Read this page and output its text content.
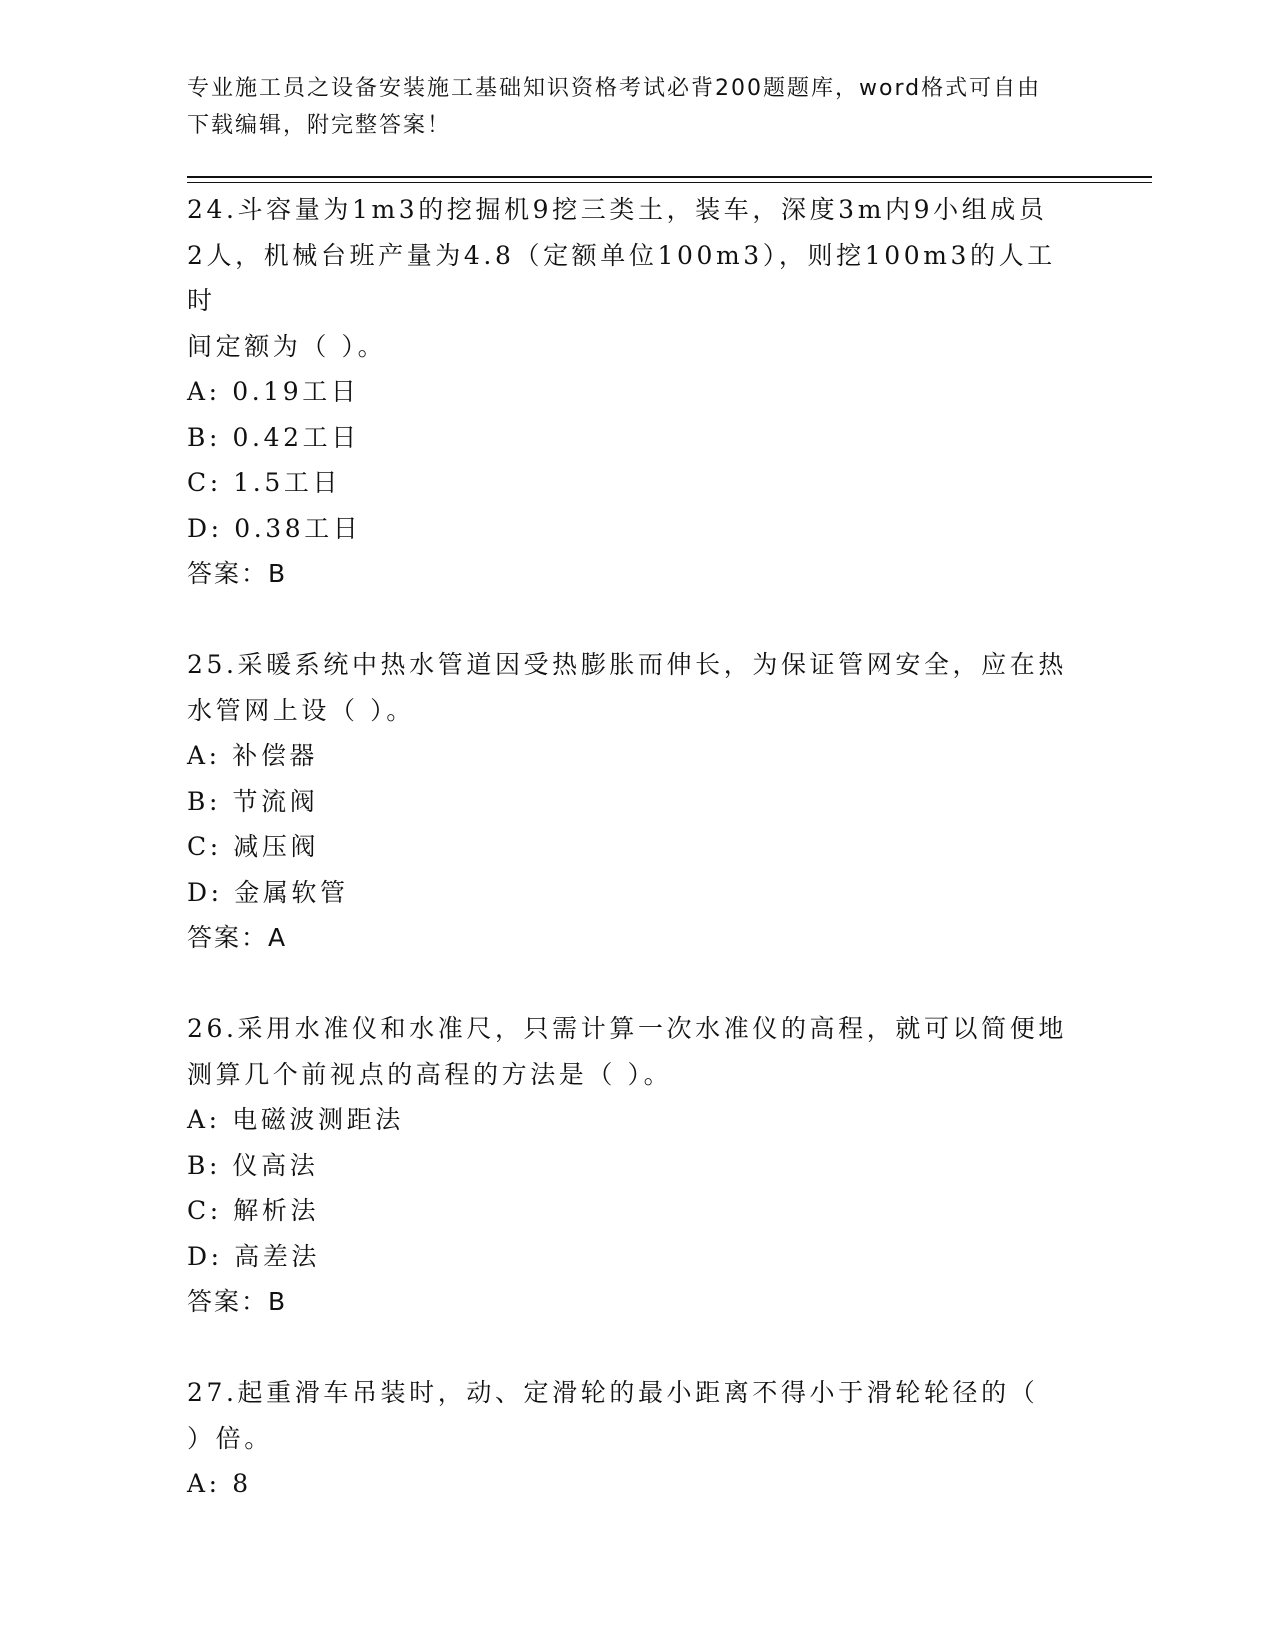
专业施工员之设备安装施工基础知识资格考试必背200题题库，word格式可自由
下载编辑，附完整答案！
24.斗容量为1m3的挖掘机9挖三类土，装车，深度3m内9小组成员
2人，机械台班产量为4.8（定额单位100m3），则挖100m3的人工时
间定额为（ ）。
A: 0.19工日
B: 0.42工日
C: 1.5工日
D: 0.38工日
答案：B
25.采暖系统中热水管道因受热膨胀而伸长，为保证管网安全，应在热
水管网上设（ ）。
A: 补偿器
B: 节流阀
C: 减压阀
D: 金属软管
答案：A
26.采用水准仪和水准尺，只需计算一次水准仪的高程，就可以简便地
测算几个前视点的高程的方法是（ ）。
A: 电磁波测距法
B: 仪高法
C: 解析法
D: 高差法
答案：B
27.起重滑车吊装时，动、定滑轮的最小距离不得小于滑轮轮径的（
）倍。
A: 8
